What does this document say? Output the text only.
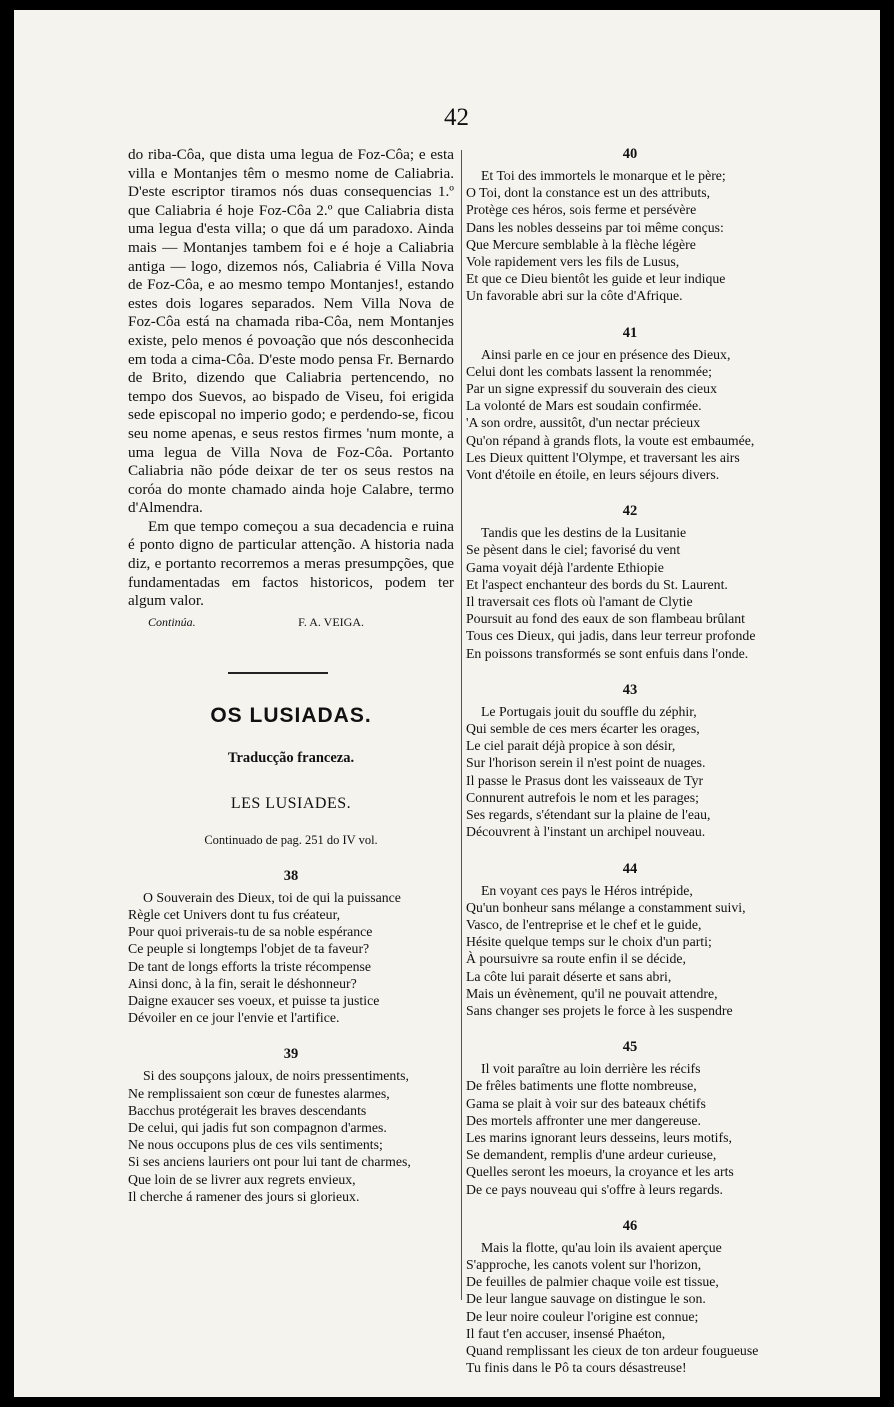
42

do riba-Côa, que dista uma legua de Foz-Côa; e esta villa e Montanjes têm o mesmo nome de Caliabria. D'este escriptor tiramos nós duas consequencias 1.º que Caliabria é hoje Foz-Côa 2.º que Caliabria dista uma legua d'esta villa; o que dá um paradoxo. Ainda mais — Montanjes tambem foi e é hoje a Caliabria antiga — logo, dizemos nós, Caliabria é Villa Nova de Foz-Côa, e ao mesmo tempo Montanjes!, estando estes dois logares separados. Nem Villa Nova de Foz-Côa está na chamada riba-Côa, nem Montanjes existe, pelo menos é povoação que nós desconhecida em toda a cima-Côa. D'este modo pensa Fr. Bernardo de Brito, dizendo que Caliabria pertencendo, no tempo dos Suevos, ao bispado de Viseu, foi erigida sede episcopal no imperio godo; e perdendo-se, ficou seu nome apenas, e seus restos firmes 'num monte, a uma legua de Villa Nova de Foz-Côa. Portanto Caliabria não póde deixar de ter os seus restos na coróa do monte chamado ainda hoje Calabre, termo d'Almendra.

Em que tempo começou a sua decadencia e ruina é ponto digno de particular attenção. A historia nada diz, e portanto recorremos a meras presumpções, que fundamentadas em factos historicos, podem ter algum valor.

Continúa.	F. A. VEIGA.
OS LUSIADAS.
Traducção franceza.
LES LUSIADES.
Continuado de pag. 251 do IV vol.
38
O Souverain des Dieux, toi de qui la puissance
Règle cet Univers dont tu fus créateur,
Pour quoi priverais-tu de sa noble espérance
Ce peuple si longtemps l'objet de ta faveur?
De tant de longs efforts la triste récompense
Ainsi donc, à la fin, serait le déshonneur?
Daigne exaucer ses voeux, et puisse ta justice
Dévoiler en ce jour l'envie et l'artifice.
39
Si des soupçons jaloux, de noirs pressentiments,
Ne remplissaient son cœur de funestes alarmes,
Bacchus protégerait les braves descendants
De celui, qui jadis fut son compagnon d'armes.
Ne nous occupons plus de ces vils sentiments;
Si ses anciens lauriers ont pour lui tant de charmes,
Que loin de se livrer aux regrets envieux,
Il cherche á ramener des jours si glorieux.
40
Et Toi des immortels le monarque et le père;
O Toi, dont la constance est un des attributs,
Protège ces héros, sois ferme et persévère
Dans les nobles desseins par toi même conçus:
Que Mercure semblable à la flèche légère
Vole rapidement vers les fils de Lusus,
Et que ce Dieu bientôt les guide et leur indique
Un favorable abri sur la côte d'Afrique.
41
Ainsi parle en ce jour en présence des Dieux,
Celui dont les combats lassent la renommée;
Par un signe expressif du souverain des cieux
La volonté de Mars est soudain confirmée.
'A son ordre, aussitôt, d'un nectar précieux
Qu'on répand à grands flots, la voute est embaumée,
Les Dieux quittent l'Olympe, et traversant les airs
Vont d'étoile en étoile, en leurs séjours divers.
42
Tandis que les destins de la Lusitanie
Se pèsent dans le ciel; favorisé du vent
Gama voyait déjà l'ardente Ethiopie
Et l'aspect enchanteur des bords du St. Laurent.
Il traversait ces flots où l'amant de Clytie
Poursuit au fond des eaux de son flambeau brûlant
Tous ces Dieux, qui jadis, dans leur terreur profonde
En poissons transformés se sont enfuis dans l'onde.
43
Le Portugais jouit du souffle du zéphir,
Qui semble de ces mers écarter les orages,
Le ciel parait déjà propice à son désir,
Sur l'horison serein il n'est point de nuages.
Il passe le Prasus dont les vaisseaux de Tyr
Connurent autrefois le nom et les parages;
Ses regards, s'étendant sur la plaine de l'eau,
Découvrent à l'instant un archipel nouveau.
44
En voyant ces pays le Héros intrépide,
Qu'un bonheur sans mélange a constamment suivi,
Vasco, de l'entreprise et le chef et le guide,
Hésite quelque temps sur le choix d'un parti;
À poursuivre sa route enfin il se décide,
La côte lui parait déserte et sans abri,
Mais un évènement, qu'il ne pouvait attendre,
Sans changer ses projets le force à les suspendre
45
Il voit paraître au loin derrière les récifs
De frêles batiments une flotte nombreuse,
Gama se plait à voir sur des bateaux chétifs
Des mortels affronter une mer dangereuse.
Les marins ignorant leurs desseins, leurs motifs,
Se demandent, remplis d'une ardeur curieuse,
Quelles seront les moeurs, la croyance et les arts
De ce pays nouveau qui s'offre à leurs regards.
46
Mais la flotte, qu'au loin ils avaient aperçue
S'approche, les canots volent sur l'horizon,
De feuilles de palmier chaque voile est tissue,
De leur langue sauvage on distingue le son.
De leur noire couleur l'origine est connue;
Il faut t'en accuser, insensé Phaéton,
Quand remplissant les cieux de ton ardeur fougueuse
Tu finis dans le Pô ta cours désastreuse!
